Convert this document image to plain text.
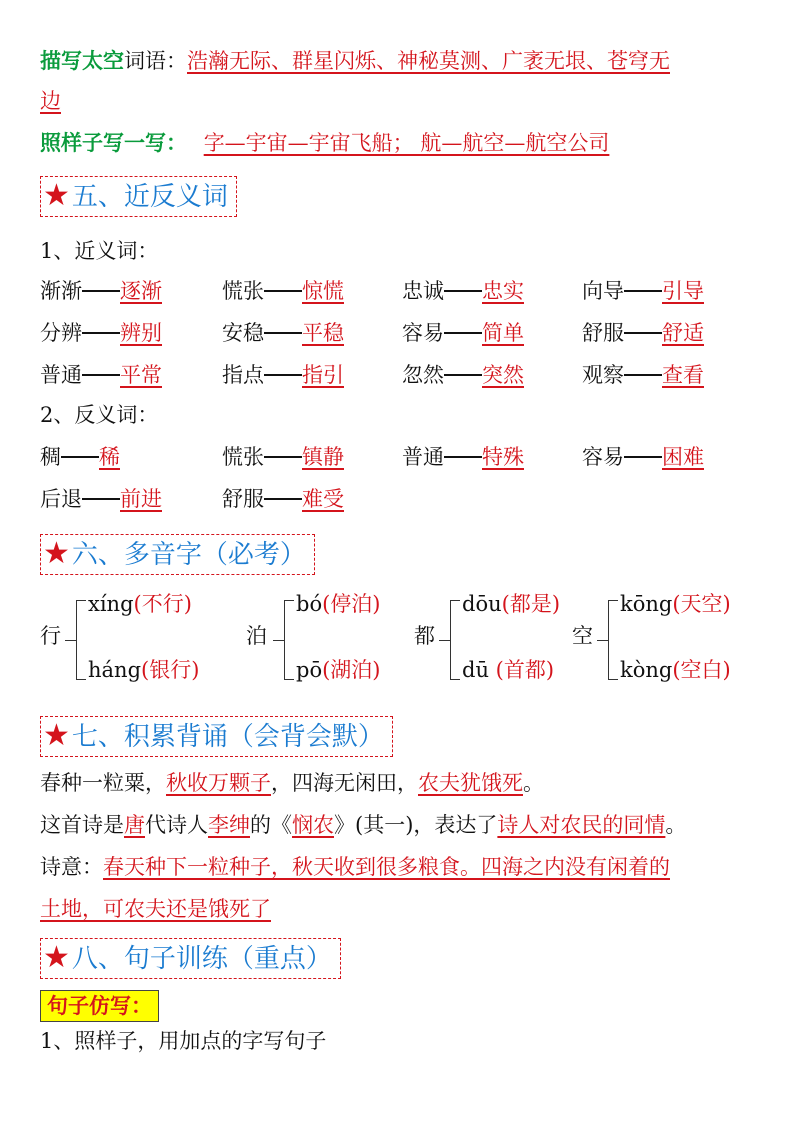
描写太空词语：浩瀚无际、群星闪烁、神秘莫测、广袤无垠、苍穹无
边
照样子写一写： 字—宇宙—宇宙飞船； 航—航空—航空公司
★五、近反义词
1、近义词：
渐渐 逐渐	慌张 惊慌	忠诚 忠实	向导 引导
分辨 辨别	安稳 平稳	容易 简单	舒服 舒适
普通 平常	指点 指引	忽然 突然	观察 查看
2、反义词：
稠 稀	慌张 镇静	普通 特殊	容易 困难
后退 前进	舒服 难受
★六、多音字（必考）
行
xíng(不行)
háng(银行)
泊
bó(停泊)
pō(湖泊)
都
dōu(都是)
dū (首都)
空
kōng(天空)
kòng(空白)
★七、积累背诵（会背会默）
春种一粒粟，秋收万颗子，四海无闲田，农夫犹饿死。
这首诗是唐代诗人李绅的《悯农》(其一)，表达了诗人对农民的同情。
诗意：春天种下一粒种子，秋天收到很多粮食。四海之内没有闲着的
土地，可农夫还是饿死了
★八、句子训练（重点）
句子仿写：
1、照样子，用加点的字写句子
